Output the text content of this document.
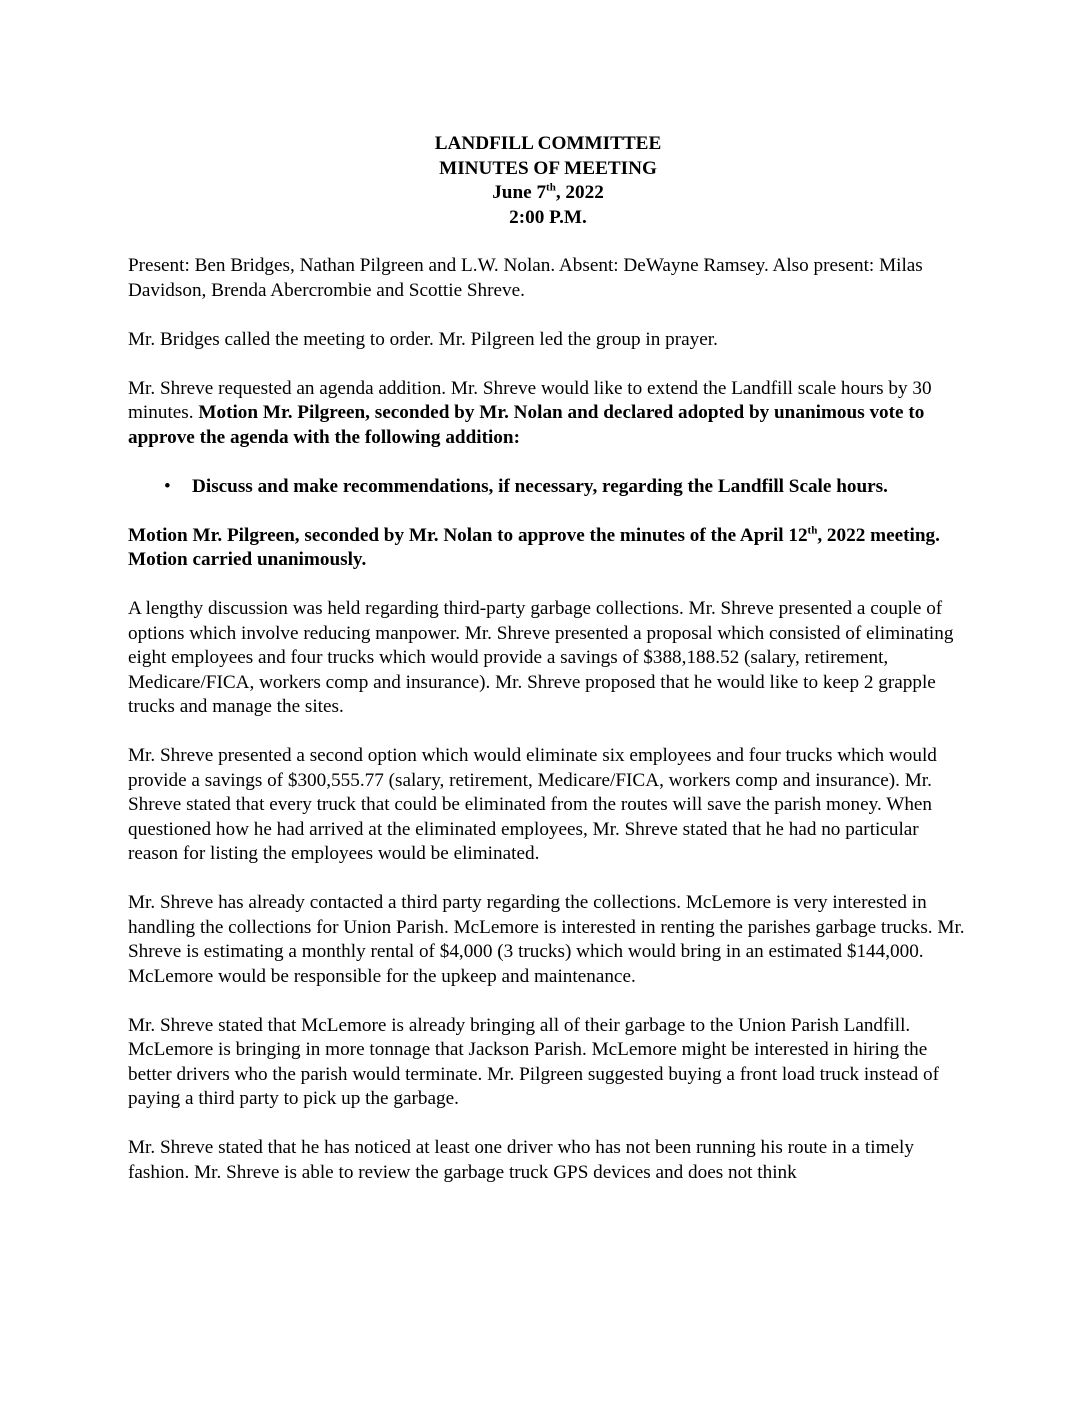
LANDFILL COMMITTEE
MINUTES OF MEETING
June 7th, 2022
2:00 P.M.

Present: Ben Bridges, Nathan Pilgreen and L.W. Nolan. Absent: DeWayne Ramsey. Also present: Milas Davidson, Brenda Abercrombie and Scottie Shreve.

Mr. Bridges called the meeting to order. Mr. Pilgreen led the group in prayer.

Mr. Shreve requested an agenda addition. Mr. Shreve would like to extend the Landfill scale hours by 30 minutes. Motion Mr. Pilgreen, seconded by Mr. Nolan and declared adopted by unanimous vote to approve the agenda with the following addition:

• Discuss and make recommendations, if necessary, regarding the Landfill Scale hours.

Motion Mr. Pilgreen, seconded by Mr. Nolan to approve the minutes of the April 12th, 2022 meeting. Motion carried unanimously.

A lengthy discussion was held regarding third-party garbage collections. Mr. Shreve presented a couple of options which involve reducing manpower. Mr. Shreve presented a proposal which consisted of eliminating eight employees and four trucks which would provide a savings of $388,188.52 (salary, retirement, Medicare/FICA, workers comp and insurance). Mr. Shreve proposed that he would like to keep 2 grapple trucks and manage the sites.

Mr. Shreve presented a second option which would eliminate six employees and four trucks which would provide a savings of $300,555.77 (salary, retirement, Medicare/FICA, workers comp and insurance). Mr. Shreve stated that every truck that could be eliminated from the routes will save the parish money. When questioned how he had arrived at the eliminated employees, Mr. Shreve stated that he had no particular reason for listing the employees would be eliminated.

Mr. Shreve has already contacted a third party regarding the collections. McLemore is very interested in handling the collections for Union Parish. McLemore is interested in renting the parishes garbage trucks. Mr. Shreve is estimating a monthly rental of $4,000 (3 trucks) which would bring in an estimated $144,000. McLemore would be responsible for the upkeep and maintenance.

Mr. Shreve stated that McLemore is already bringing all of their garbage to the Union Parish Landfill. McLemore is bringing in more tonnage that Jackson Parish. McLemore might be interested in hiring the better drivers who the parish would terminate. Mr. Pilgreen suggested buying a front load truck instead of paying a third party to pick up the garbage.

Mr. Shreve stated that he has noticed at least one driver who has not been running his route in a timely fashion. Mr. Shreve is able to review the garbage truck GPS devices and does not think
